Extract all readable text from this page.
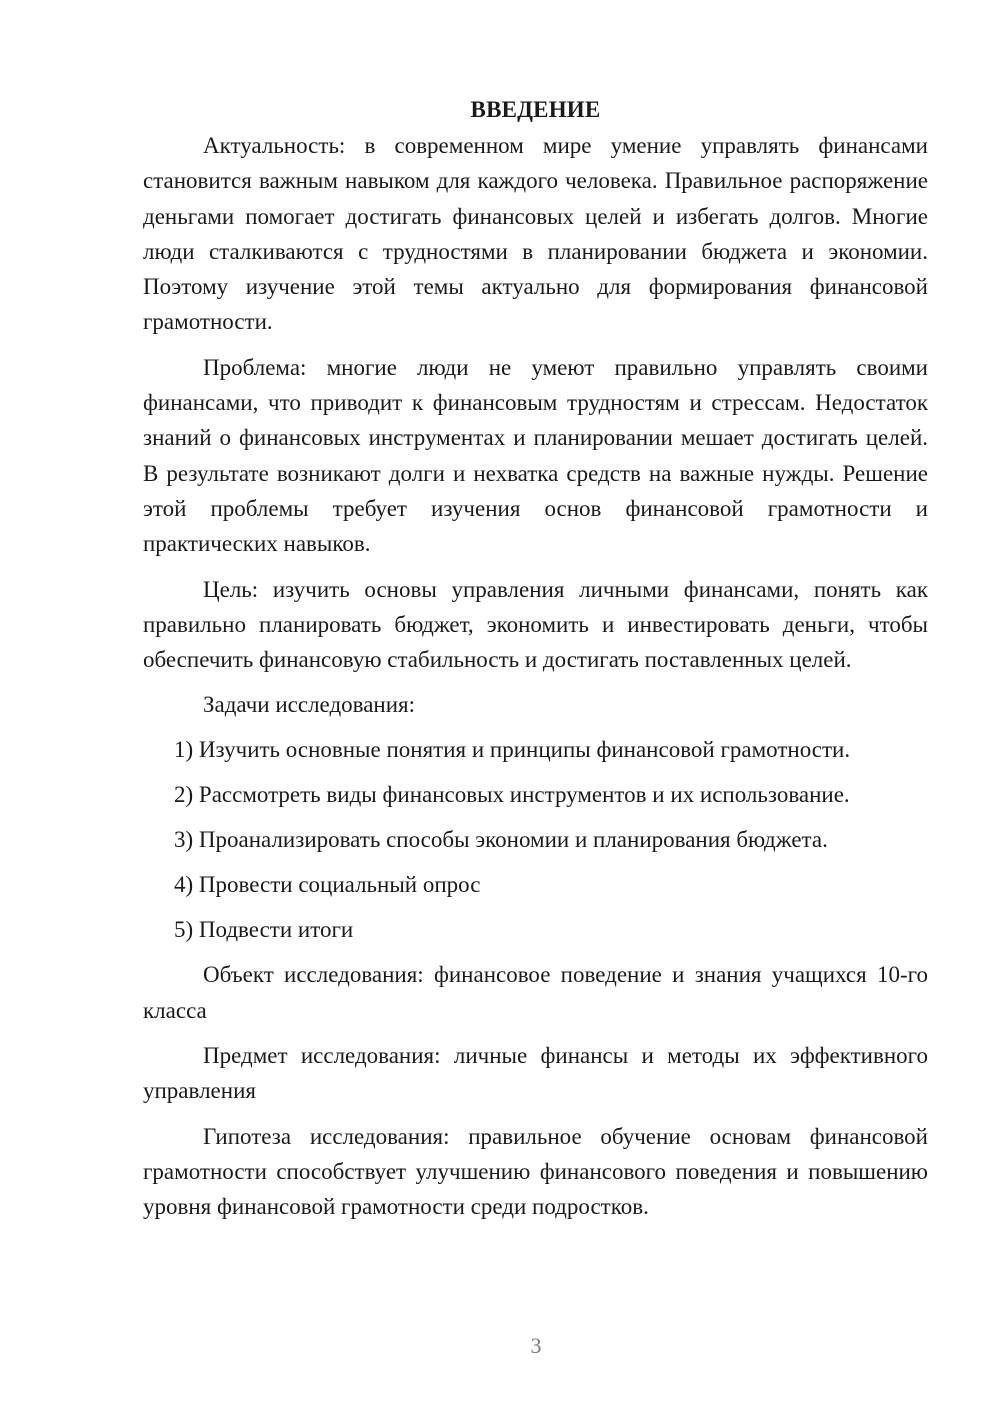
ВВЕДЕНИЕ

Актуальность: в современном мире умение управлять финансами становится важным навыком для каждого человека. Правильное распоряжение деньгами помогает достигать финансовых целей и избегать долгов. Многие люди сталкиваются с трудностями в планировании бюджета и экономии. Поэтому изучение этой темы актуально для формирования финансовой грамотности.

Проблема: многие люди не умеют правильно управлять своими финансами, что приводит к финансовым трудностям и стрессам. Недостаток знаний о финансовых инструментах и планировании мешает достигать целей. В результате возникают долги и нехватка средств на важные нужды. Решение этой проблемы требует изучения основ финансовой грамотности и практических навыков.

Цель: изучить основы управления личными финансами, понять как правильно планировать бюджет, экономить и инвестировать деньги, чтобы обеспечить финансовую стабильность и достигать поставленных целей.

Задачи исследования:
1) Изучить основные понятия и принципы финансовой грамотности.
2) Рассмотреть виды финансовых инструментов и их использование.
3) Проанализировать способы экономии и планирования бюджета.
4) Провести социальный опрос
5) Подвести итоги

Объект исследования: финансовое поведение и знания учащихся 10-го класса

Предмет исследования: личные финансы и методы их эффективного управления

Гипотеза исследования: правильное обучение основам финансовой грамотности способствует улучшению финансового поведения и повышению уровня финансовой грамотности среди подростков.

3
